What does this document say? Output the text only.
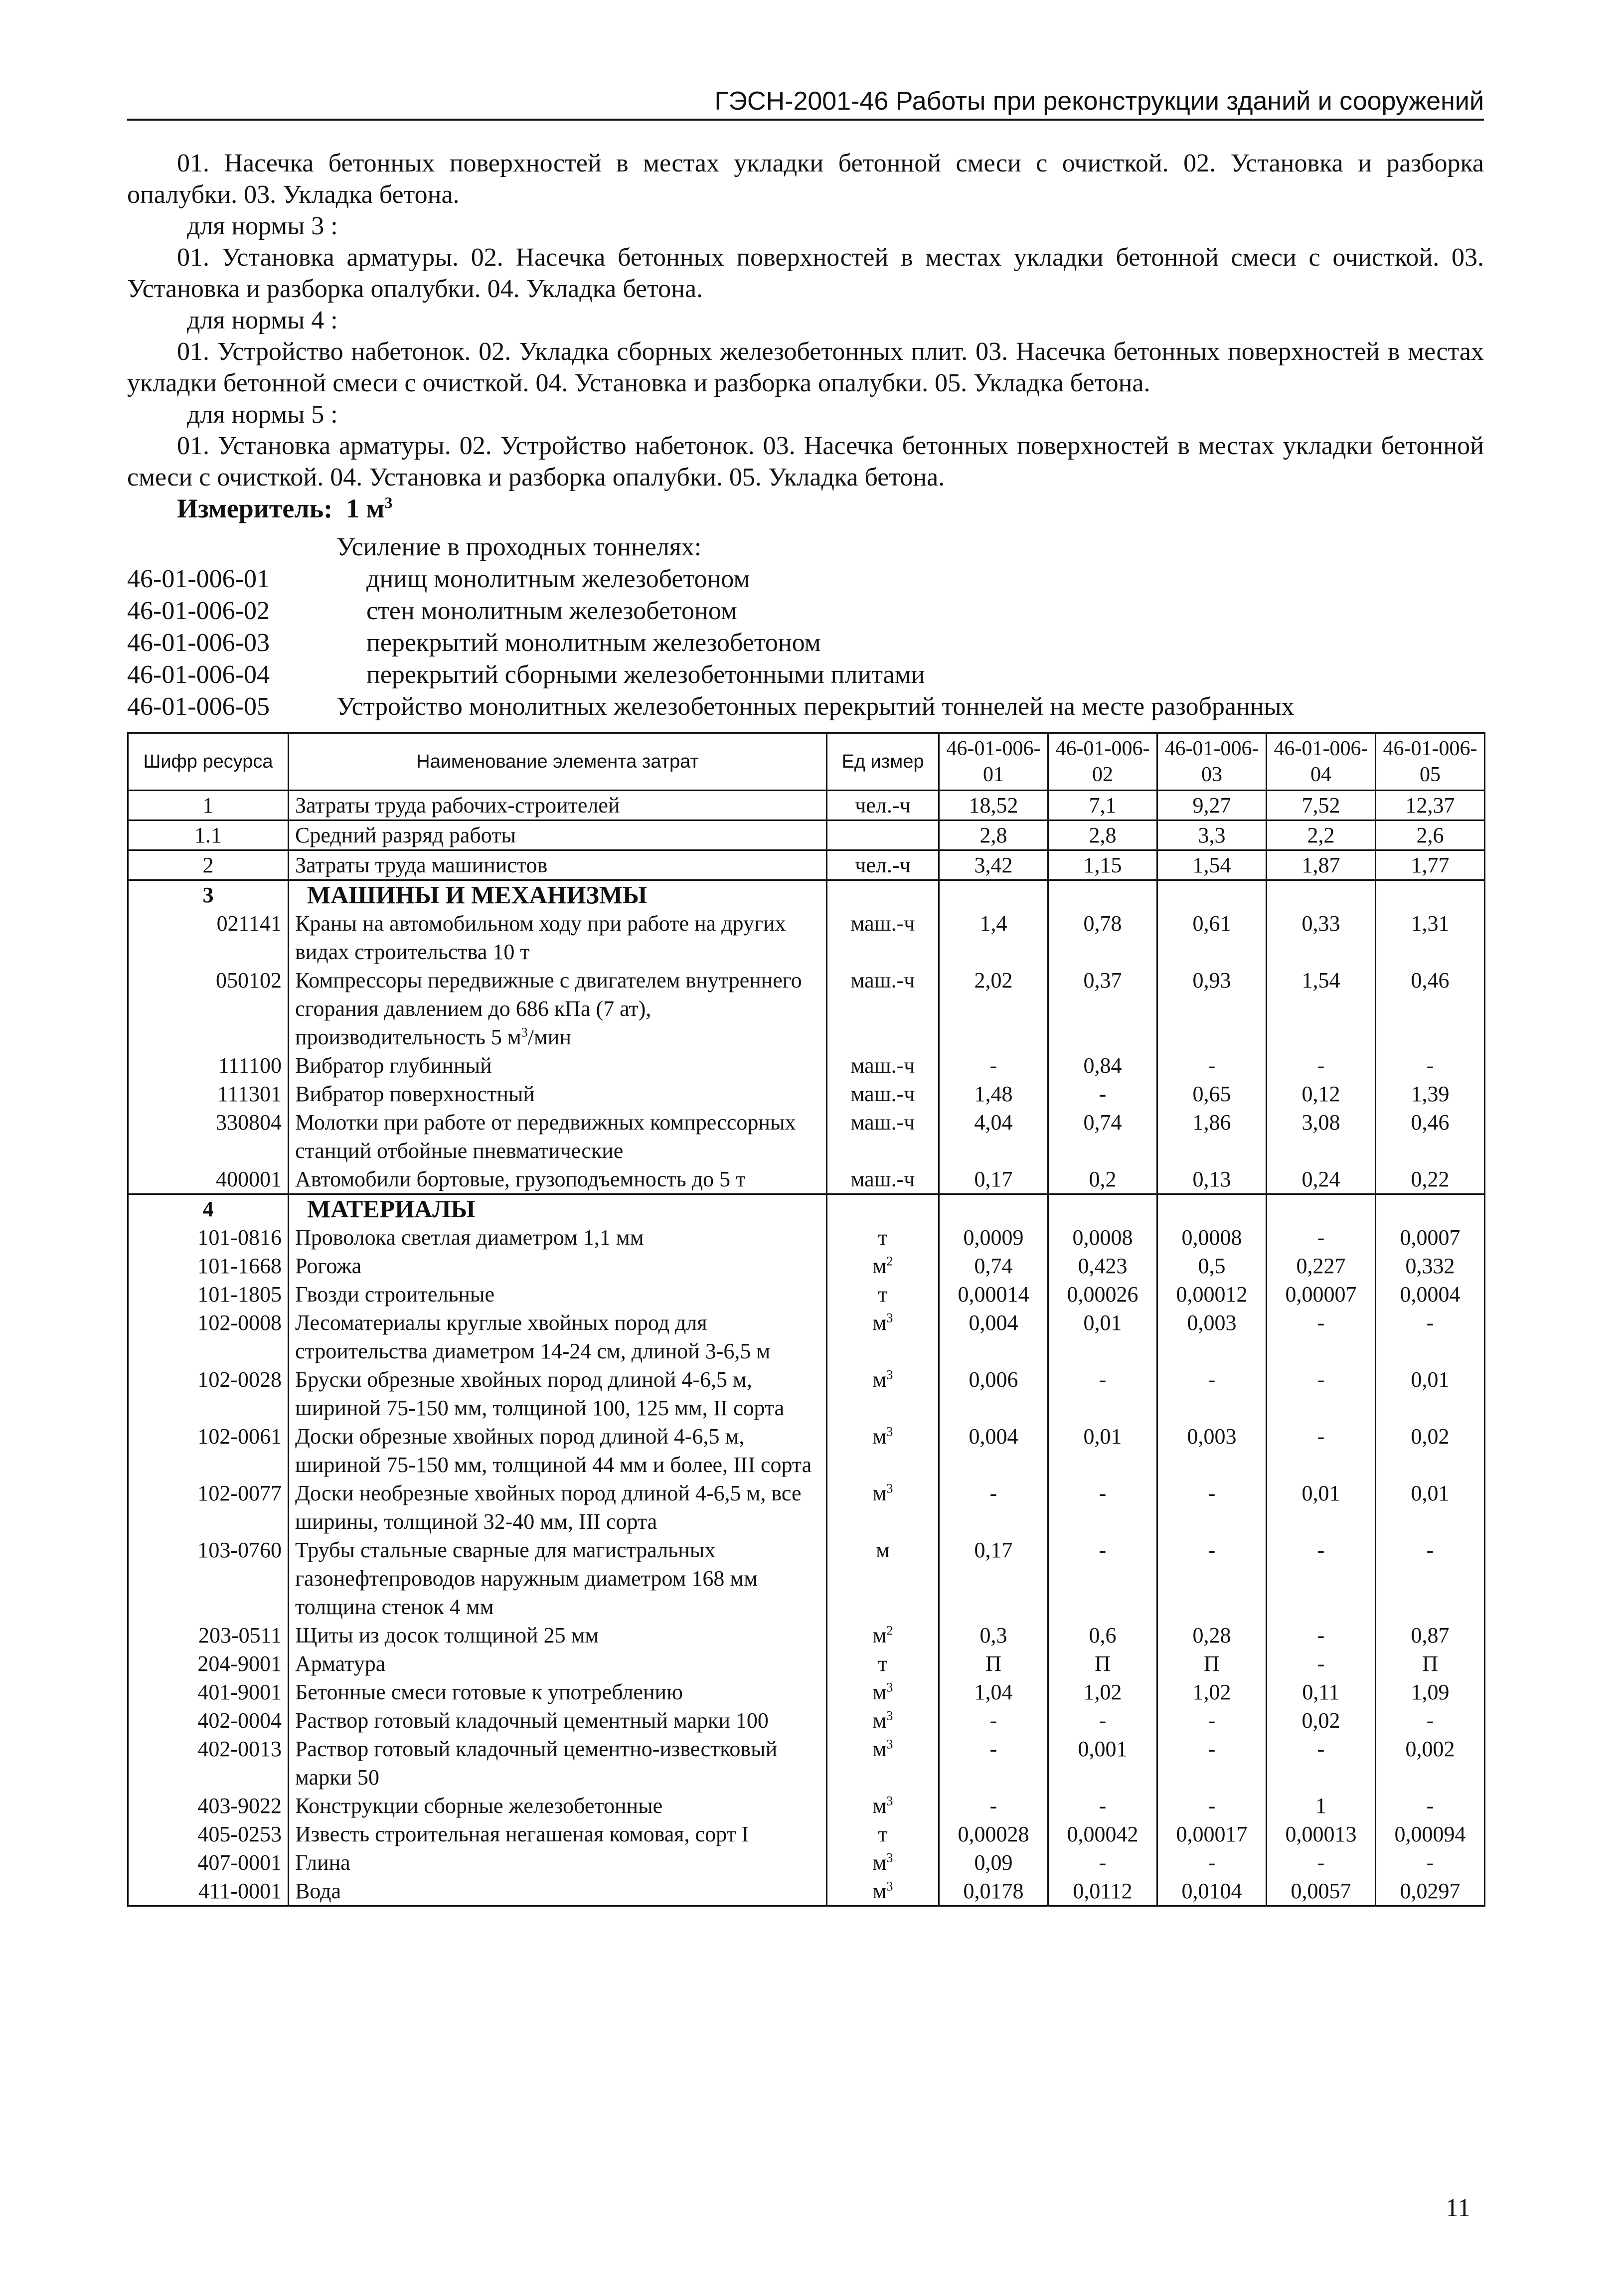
ГЭСН-2001-46 Работы при реконструкции зданий и сооружений

01. Насечка бетонных поверхностей в местах укладки бетонной смеси с очисткой. 02. Установка и разборка опалубки. 03. Укладка бетона.

для нормы 3 :

01. Установка арматуры. 02. Насечка бетонных поверхностей в местах укладки бетонной смеси с очисткой. 03. Установка и разборка опалубки. 04. Укладка бетона.

для нормы 4 :

01. Устройство набетонок. 02. Укладка сборных железобетонных плит. 03. Насечка бетонных поверхностей в местах укладки бетонной смеси с очисткой. 04. Установка и разборка опалубки. 05. Укладка бетона.

для нормы 5 :

01. Установка арматуры. 02. Устройство набетонок. 03. Насечка бетонных поверхностей в местах укладки бетонной смеси с очисткой. 04. Установка и разборка опалубки. 05. Укладка бетона.

Измеритель: 1 $м^3$

Усиление в проходных тоннелях:
46-01-006-01	днищ монолитным железобетоном
46-01-006-02	стен монолитным железобетоном
46-01-006-03	перекрытий монолитным железобетоном
46-01-006-04	перекрытий сборными железобетонными плитами
46-01-006-05	Устройство монолитных железобетонных перекрытий тоннелей на месте разобранных
Шифр ресурса	Наименование элемента затрат	Ед измер	46-01-006-01	46-01-006-02	46-01-006-03	46-01-006-04	46-01-006-05
1	Затраты труда рабочих-строителей	чел.-ч	18,52	7,1	9,27	7,52	12,37
1.1	Средний разряд работы		2,8	2,8	3,3	2,2	2,6
2	Затраты труда машинистов	чел.-ч	3,42	1,15	1,54	1,87	1,77
3	МАШИНЫ И МЕХАНИЗМЫ						
021141	Краны на автомобильном ходу при работе на других видах строительства 10 т	маш.-ч	1,4	0,78	0,61	0,33	1,31
050102	Компрессоры передвижные с двигателем внутреннего сгорания давлением до 686 кПа (7 ат), производительность 5 $м^3$/мин	маш.-ч	2,02	0,37	0,93	1,54	0,46
111100	Вибратор глубинный	маш.-ч	-	0,84	-	-	-
111301	Вибратор поверхностный	маш.-ч	1,48	-	0,65	0,12	1,39
330804	Молотки при работе от передвижных компрессорных станций отбойные пневматические	маш.-ч	4,04	0,74	1,86	3,08	0,46
400001	Автомобили бортовые, грузоподъемность до 5 т	маш.-ч	0,17	0,2	0,13	0,24	0,22
4	МАТЕРИАЛЫ						
101-0816	Проволока светлая диаметром 1,1 мм	т	0,0009	0,0008	0,0008	-	0,0007
101-1668	Рогожа	$м^2$	0,74	0,423	0,5	0,227	0,332
101-1805	Гвозди строительные	т	0,00014	0,00026	0,00012	0,00007	0,0004
102-0008	Лесоматериалы круглые хвойных пород для строительства диаметром 14-24 см, длиной 3-6,5 м	$м^3$	0,004	0,01	0,003	-	-
102-0028	Бруски обрезные хвойных пород длиной 4-6,5 м, шириной 75-150 мм, толщиной 100, 125 мм, II сорта	$м^3$	0,006	-	-	-	0,01
102-0061	Доски обрезные хвойных пород длиной 4-6,5 м, шириной 75-150 мм, толщиной 44 мм и более, III сорта	$м^3$	0,004	0,01	0,003	-	0,02
102-0077	Доски необрезные хвойных пород длиной 4-6,5 м, все ширины, толщиной 32-40 мм, III сорта	$м^3$	-	-	-	0,01	0,01
103-0760	Трубы стальные сварные для магистральных газонефтепроводов наружным диаметром 168 мм толщина стенок 4 мм	м	0,17	-	-	-	-
203-0511	Щиты из досок толщиной 25 мм	$м^2$	0,3	0,6	0,28	-	0,87
204-9001	Арматура	т	П	П	П	-	П
401-9001	Бетонные смеси готовые к употреблению	$м^3$	1,04	1,02	1,02	0,11	1,09
402-0004	Раствор готовый кладочный цементный марки 100	$м^3$	-	-	-	0,02	-
402-0013	Раствор готовый кладочный цементно-известковый марки 50	$м^3$	-	0,001	-	-	0,002
403-9022	Конструкции сборные железобетонные	$м^3$	-	-	-	1	-
405-0253	Известь строительная негашеная комовая, сорт I	т	0,00028	0,00042	0,00017	0,00013	0,00094
407-0001	Глина	$м^3$	0,09	-	-	-	-
411-0001	Вода	$м^3$	0,0178	0,0112	0,0104	0,0057	0,0297
11
